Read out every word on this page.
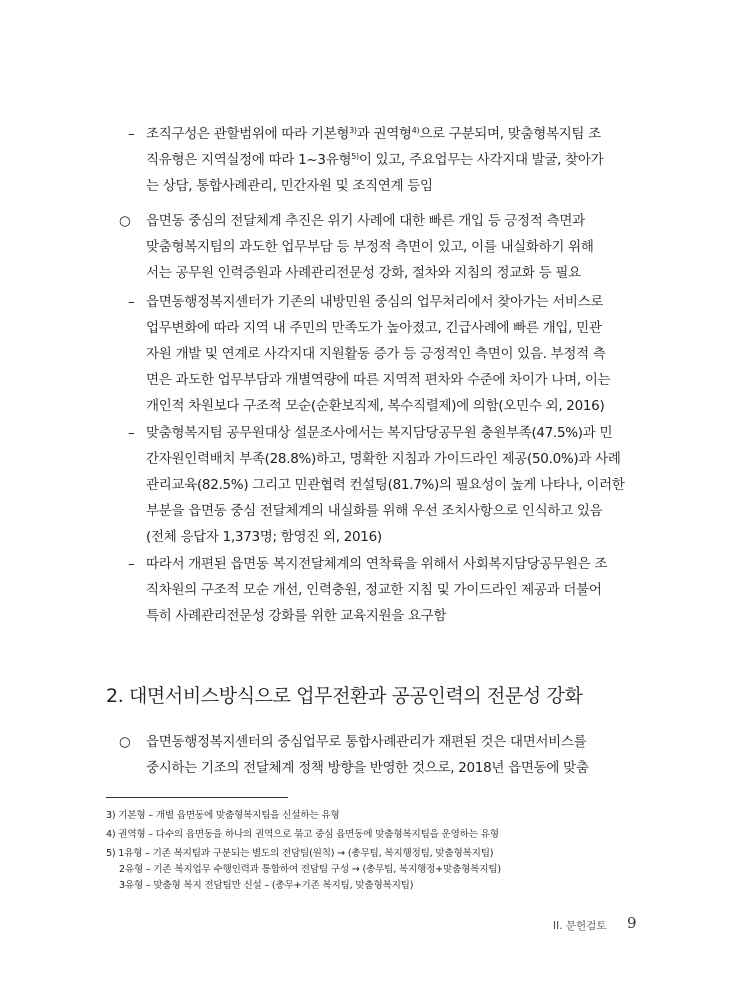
– 조직구성은 관할범위에 따라 기본형$^{3)}$과 권역형$^{4)}$으로 구분되며, 맞춤형복지팀 조
직유형은 지역실정에 따라 1~3유형$^{5)}$이 있고, 주요업무는 사각지대 발굴, 찾아가
는 상담, 통합사례관리, 민간자원 및 조직연계 등임
○ 읍면동 중심의 전달체계 추진은 위기 사례에 대한 빠른 개입 등 긍정적 측면과
맞춤형복지팀의 과도한 업무부담 등 부정적 측면이 있고, 이를 내실화하기 위해
서는 공무원 인력증원과 사례관리전문성 강화, 절차와 지침의 정교화 등 필요
– 읍면동행정복지센터가 기존의 내방민원 중심의 업무처리에서 찾아가는 서비스로
업무변화에 따라 지역 내 주민의 만족도가 높아졌고, 긴급사례에 빠른 개입, 민관
자원 개발 및 연계로 사각지대 지원활동 증가 등 긍정적인 측면이 있음. 부정적 측
면은 과도한 업무부담과 개별역량에 따른 지역적 편차와 수준에 차이가 나며, 이는
개인적 차원보다 구조적 모순(순환보직제, 복수직렬제)에 의함(오민수 외, 2016)
– 맞춤형복지팀 공무원대상 설문조사에서는 복지담당공무원 충원부족(47.5%)과 민
간자원인력배치 부족(28.8%)하고, 명확한 지침과 가이드라인 제공(50.0%)과 사례
관리교육(82.5%) 그리고 민관협력 컨설팅(81.7%)의 필요성이 높게 나타나, 이러한
부분을 읍면동 중심 전달체계의 내실화를 위해 우선 조치사항으로 인식하고 있음
(전체 응답자 1,373명; 함영진 외, 2016)
– 따라서 개편된 읍면동 복지전달체계의 연착륙을 위해서 사회복지담당공무원은 조
직차원의 구조적 모순 개선, 인력충원, 정교한 지침 및 가이드라인 제공과 더불어
특히 사례관리전문성 강화를 위한 교육지원을 요구함
2. 대면서비스방식으로 업무전환과 공공인력의 전문성 강화
○ 읍면동행정복지센터의 중심업무로 통합사례관리가 재편된 것은 대면서비스를
중시하는 기조의 전달체계 정책 방향을 반영한 것으로, 2018년 읍면동에 맞춤
3) 기본형 – 개별 읍면동에 맞춤형복지팀을 신설하는 유형
4) 권역형 – 다수의 읍면동을 하나의 권역으로 묶고 중심 읍면동에 맞춤형복지팀을 운영하는 유형
5) 1유형 – 기존 복지팀과 구분되는 별도의 전담팀(원칙) → (총무팀, 복지행정팀, 맞춤형복지팀)
2유형 – 기존 복지업무 수행인력과 통합하여 전담팀 구성 → (총무팀, 복지행정+맞춤형복지팀)
3유형 – 맞춤형 복지 전담팀만 신설 – (총무+기존 복지팀, 맞춤형복지팀)
II. 문헌검토 9
